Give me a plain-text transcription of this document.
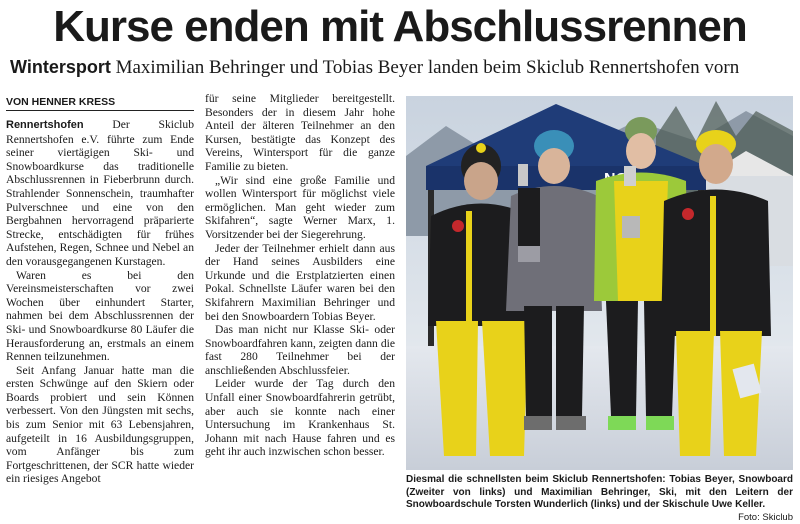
Kurse enden mit Abschlussrennen
Wintersport Maximilian Behringer und Tobias Beyer landen beim Skiclub Rennertshofen vorn
VON HENNER KRESS

Rennertshofen Der Skiclub Rennertshofen e.V. führte zum Ende seiner viertägigen Ski- und Snowboardkurse das traditionelle Abschlussrennen in Fieberbrunn durch. Strahlender Sonnenschein, traumhafter Pulverschnee und eine von den Bergbahnen hervorragend präparierte Strecke, entschädigten für frühes Aufstehen, Regen, Schnee und Nebel an den vorausgegangenen Kurstagen.

Waren es bei den Vereinsmeisterschaften vor zwei Wochen über einhundert Starter, nahmen bei dem Abschlussrennen der Ski- und Snowboardkurse 80 Läufer die Herausforderung an, erstmals an einem Rennen teilzunehmen.

Seit Anfang Januar hatte man die ersten Schwünge auf den Skiern oder Boards probiert und sein Können verbessert. Von den Jüngsten mit sechs, bis zum Senior mit 63 Lebensjahren, aufgeteilt in 16 Ausbildungsgruppen, vom Anfänger bis zum Fortgeschrittenen, der SCR hatte wieder ein riesiges Angebot

für seine Mitglieder bereitgestellt. Besonders der in diesem Jahr hohe Anteil der älteren Teilnehmer an den Kursen, bestätigte das Konzept des Vereins, Wintersport für die ganze Familie zu bieten.

„Wir sind eine große Familie und wollen Wintersport für möglichst viele ermöglichen. Man geht wieder zum Skifahren“, sagte Werner Marx, 1. Vorsitzender bei der Siegerehrung.

Jeder der Teilnehmer erhielt dann aus der Hand seines Ausbilders eine Urkunde und die Erstplatzierten einen Pokal. Schnellste Läufer waren bei den Skifahrern Maximilian Behringer und bei den Snowboardern Tobias Beyer.

Das man nicht nur Klasse Ski- oder Snowboardfahren kann, zeigten dann die fast 280 Teilnehmer bei der anschließenden Abschlussfeier.

Leider wurde der Tag durch den Unfall einer Snowboardfahrerin getrübt, aber auch sie konnte nach einer Untersuchung im Krankenhaus St. Johann mit nach Hause fahren und es geht ihr auch inzwischen schon besser.

Diesmal die schnellsten beim Skiclub Rennertshofen: Tobias Beyer, Snowboard (Zweiter von links) und Maximilian Behringer, Ski, mit den Leitern der Snowboardschule Torsten Wunderlich (links) und der Skischule Uwe Keller.
Foto: Skiclub
